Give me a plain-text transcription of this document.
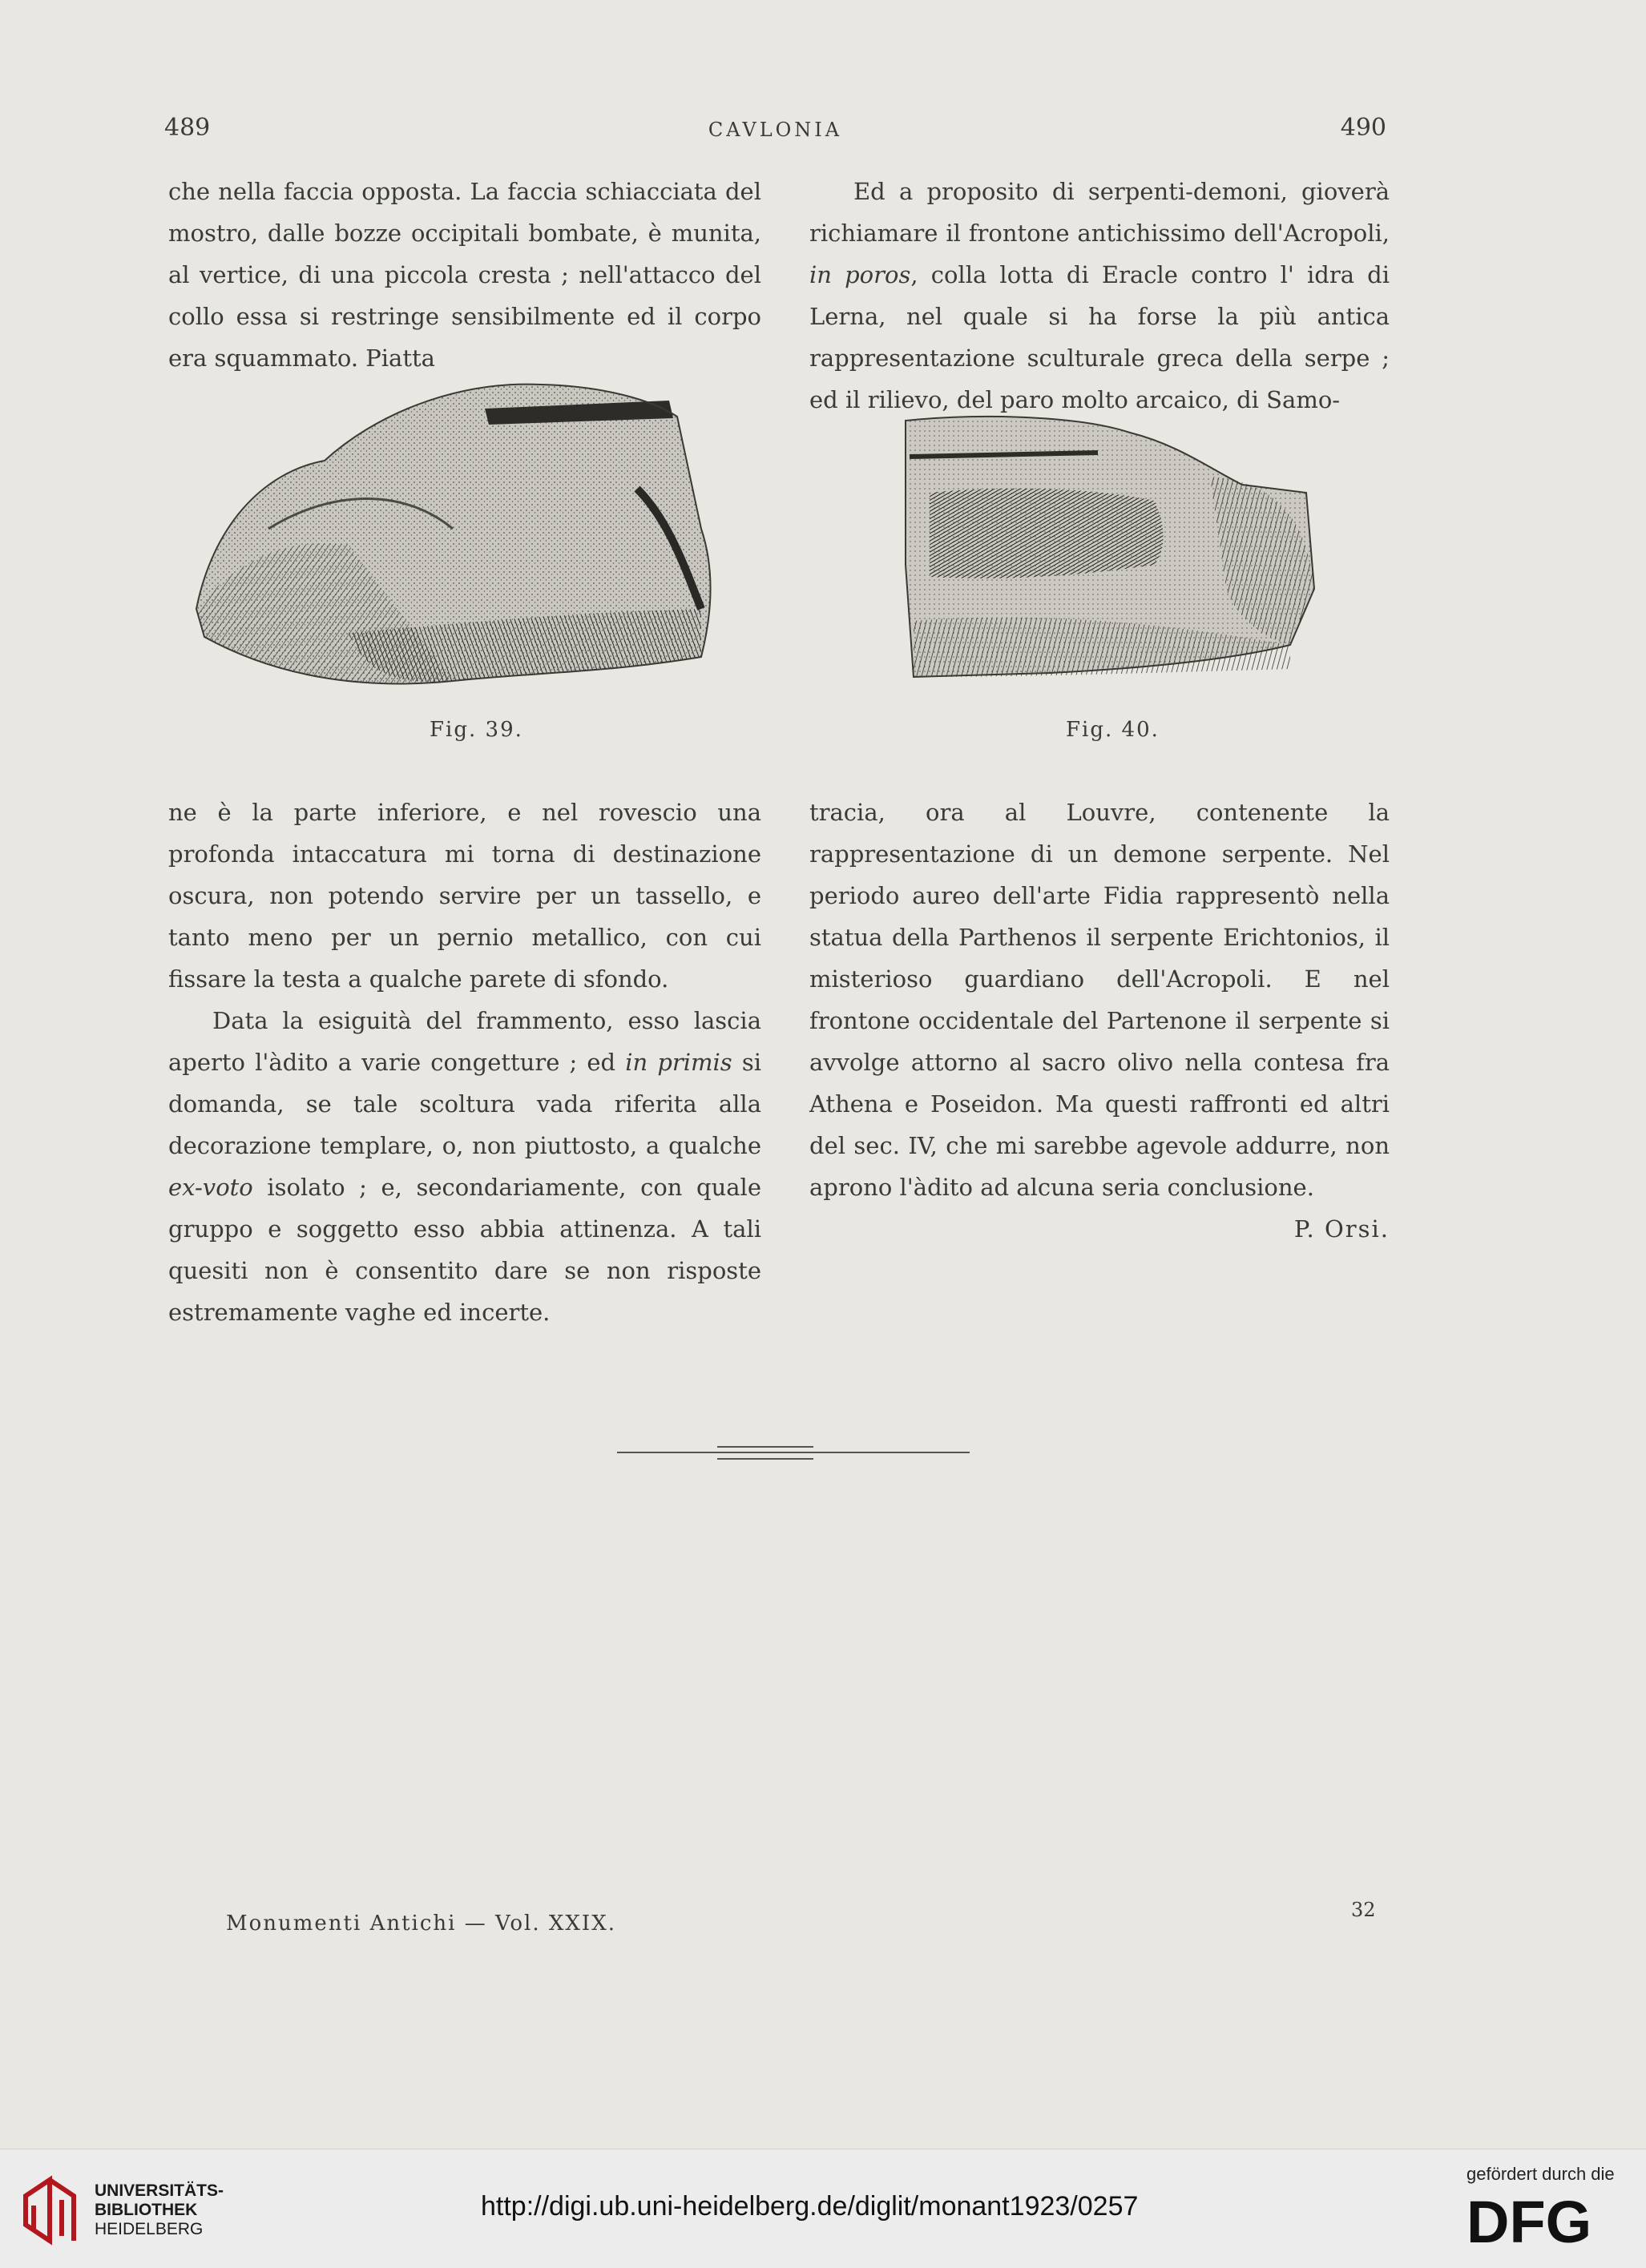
489	CAVLONIA	490

che nella faccia opposta. La faccia schiacciata del mostro, dalle bozze occipitali bombate, è munita, al vertice, di una piccola cresta ; nell'attacco del collo essa si restringe sensibilmente ed il corpo era squammato. Piatta

Ed a proposito di serpenti-demoni, gioverà richiamare il frontone antichissimo dell'Acropoli, in poros, colla lotta di Eracle contro l' idra di Lerna, nel quale si ha forse la più antica rappresentazione sculturale greca della serpe ; ed il rilievo, del paro molto arcaico, di Samo-

Fig. 39.	Fig. 40.

ne è la parte inferiore, e nel rovescio una profonda intaccatura mi torna di destinazione oscura, non potendo servire per un tassello, e tanto meno per un pernio metallico, con cui fissare la testa a qualche parete di sfondo.

Data la esiguità del frammento, esso lascia aperto l'àdito a varie congetture ; ed in primis si domanda, se tale scoltura vada riferita alla decorazione templare, o, non piuttosto, a qualche ex-voto isolato ; e, secondariamente, con quale gruppo e soggetto esso abbia attinenza. A tali quesiti non è consentito dare se non risposte estremamente vaghe ed incerte.

tracia, ora al Louvre, contenente la rappresentazione di un demone serpente. Nel periodo aureo dell'arte Fidia rappresentò nella statua della Parthenos il serpente Erichtonios, il misterioso guardiano dell'Acropoli. E nel frontone occidentale del Partenone il serpente si avvolge attorno al sacro olivo nella contesa fra Athena e Poseidon. Ma questi raffronti ed altri del sec. IV, che mi sarebbe agevole addurre, non aprono l'àdito ad alcuna seria conclusione.

P. Orsi.

Monumenti Antichi — Vol. XXIX.
32
UNIVERSITÄTS-
BIBLIOTHEK
HEIDELBERG
http://digi.ub.uni-heidelberg.de/diglit/monant1923/0257
gefördert durch die
DFG
